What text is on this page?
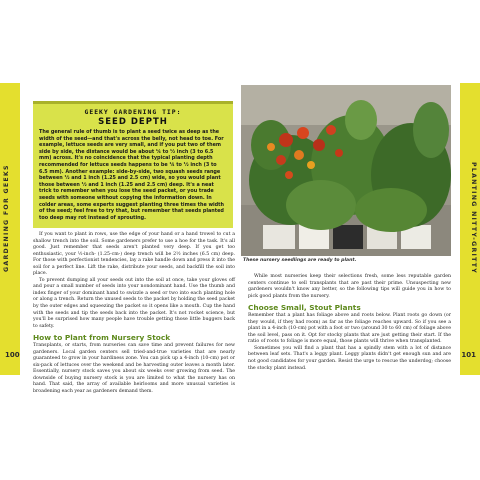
GARDENING FOR GEEKS
100
PLANTING NITTY-GRITTY
101

GEEKY GARDENING TIP:

SEED DEPTH

The general rule of thumb is to plant a seed twice as deep as the width of the seed—and that's across the belly, not head to toe. For example, lettuce seeds are very small, and if you put two of them side by side, the distance would be about ¼ to ½ inch (3 to 6.5 mm) across. It's no coincidence that the typical planting depth recommended for lettuce seeds happens to be ¼ to ½ inch (3 to 6.5 mm). Another example: side-by-side, two squash seeds range between ½ and 1 inch (1.25 and 2.5 cm) wide, so you would plant those between ½ and 1 inch (1.25 and 2.5 cm) deep. It's a neat trick to remember when you lose the seed packet, or you trade seeds with someone without copying the information down. In colder areas, some experts suggest planting three times the width of the seed; feel free to try that, but remember that seeds planted too deep may rot instead of sprouting.

If you want to plant in rows, use the edge of your hand or a hand trowel to cut a shallow trench into the soil. Some gardeners prefer to use a hoe for the task. It's all good. Just remember that seeds aren't planted very deep. If you get too enthusiastic, your ½-inch- (1.25-cm-) deep trench will be 2½ inches (6.5 cm) deep. For those with perfectionist tendencies, lay a rake handle down and press it into the soil for a perfect line. Lift the rake, distribute your seeds, and backfill the soil into place.

To prevent dumping all your seeds out into the soil at once, take your gloves off and pour a small number of seeds into your nondominant hand. Use the thumb and index finger of your dominant hand to swizzle a seed or two into each planting hole or along a trench. Return the unused seeds to the packet by holding the seed packet by the outer edges and squeezing the packet so it opens like a mouth. Cup the hand with the seeds and tip the seeds back into the packet. It's not rocket science, but you'll be surprised how many people have trouble getting those little buggers back to safety.

How to Plant from Nursery Stock

Transplants, or starts, from nurseries can save time and prevent failures for new gardeners. Local garden centers sell tried-and-true varieties that are nearly guaranteed to grow in your hardiness zone. You can pick up a 4-inch (10-cm) pot or six-pack of lettuces over the weekend and be harvesting outer leaves a month later. Essentially, nursery stock saves you about six weeks over growing from seed. The downside of buying nursery stock is you are limited to what the nursery has on hand. That said, the array of available heirlooms and more unusual varieties is broadening each year as gardeners demand them.

These nursery seedlings are ready to plant.

While most nurseries keep their selections fresh, some less reputable garden centers continue to sell transplants that are past their prime. Unsuspecting new gardeners wouldn't know any better, so the following tips will guide you in how to pick good plants from the nursery.

Choose Small, Stout Plants

Remember that a plant has foliage above and roots below. Plant roots go down (or they would, if they had room) as far as the foliage reaches upward. So if you see a plant in a 4-inch (10-cm) pot with a foot or two (around 30 to 60 cm) of foliage above the soil level, pass on it. Opt for stocky plants that are just getting their start. If the ratio of roots to foliage is more equal, those plants will thrive when transplanted.

Sometimes you will find a plant that has a spindly stem with a lot of distance between leaf sets. That's a leggy plant. Leggy plants didn't get enough sun and are not good candidates for your garden. Resist the urge to rescue the underdog; choose the stocky plant instead.
